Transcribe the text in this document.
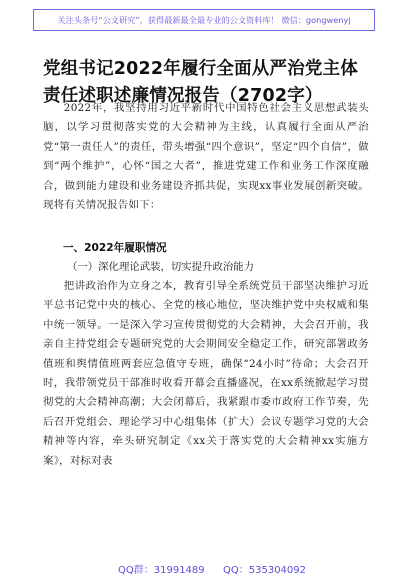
关注头条号“公文研究”，获得最新最全最专业的公文资料库！ 微信：gongwenyj
党组书记2022年履行全面从严治党主体责任述职述廉情况报告（2702字）

2022年，我坚持用习近平新时代中国特色社会主义思想武装头脑，以学习贯彻落实党的大会精神为主线，认真履行全面从严治党“第一责任人”的责任，带头增强“四个意识”，坚定“四个自信”，做到“两个维护”，心怀“国之大者”，推进党建工作和业务工作深度融合，做到能力建设和业务建设齐抓共促，实现xx事业发展创新突破。现将有关情况报告如下：

一、2022年履职情况

（一）深化理论武装，切实提升政治能力

把讲政治作为立身之本，教育引导全系统党员干部坚决维护习近平总书记党中央的核心、全党的核心地位，坚决维护党中央权威和集中统一领导。一是深入学习宣传贯彻党的大会精神，大会召开前，我亲自主持党组会专题研究党的大会期间安全稳定工作，研究部署政务值班和舆情值班两套应急值守专班，确保“24小时”待命；大会召开时，我带领党员干部准时收看开幕会直播盛况，在xx系统掀起学习贯彻党的大会精神高潮；大会闭幕后，我紧跟市委市政府工作节奏，先后召开党组会、理论学习中心组集体（扩大）会议专题学习党的大会精神等内容，牵头研究制定《xx关于落实党的大会精神xx实施方案》，对标对表

QQ群：31991489 QQ：535304092
